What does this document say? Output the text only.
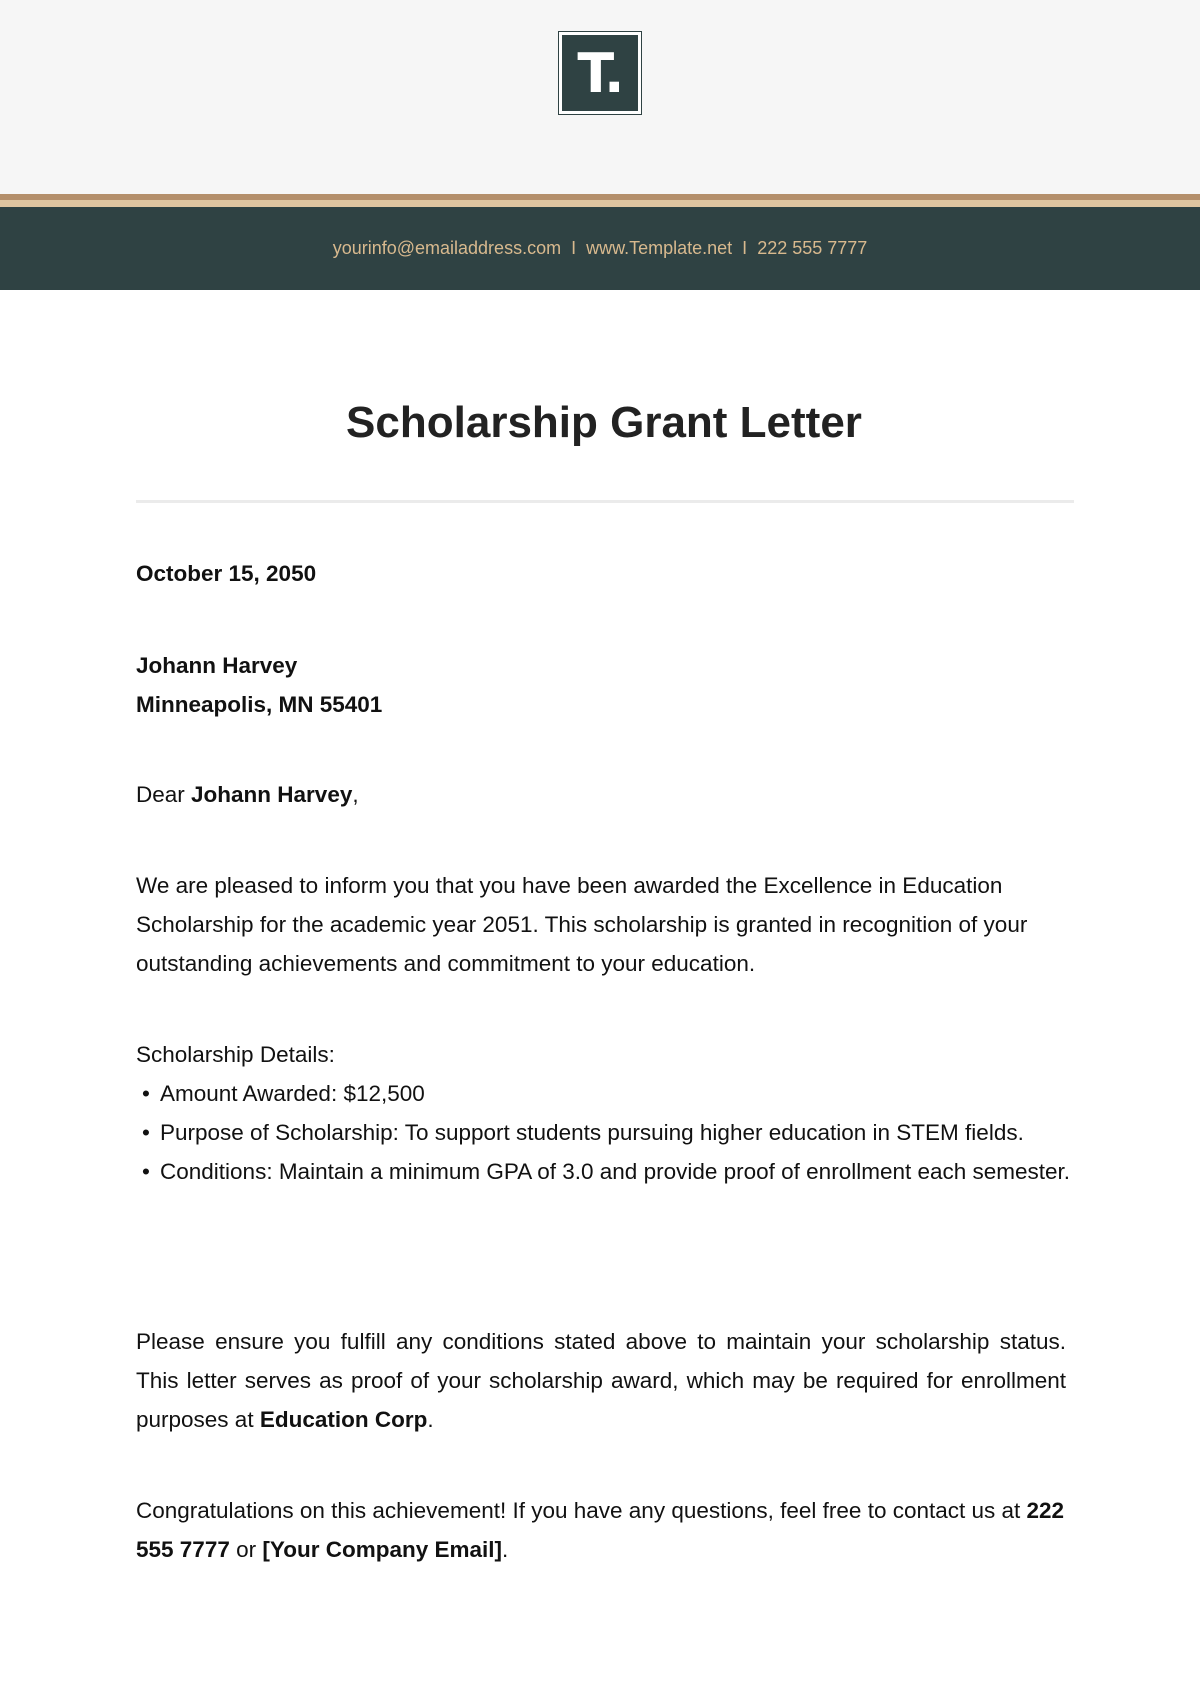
T.
yourinfo@emailaddress.com I www.Template.net I 222 555 7777
Scholarship Grant Letter
October 15, 2050
Johann Harvey
Minneapolis, MN 55401
Dear Johann Harvey,
We are pleased to inform you that you have been awarded the Excellence in Education Scholarship for the academic year 2051. This scholarship is granted in recognition of your outstanding achievements and commitment to your education.
Scholarship Details:
• Amount Awarded: $12,500
• Purpose of Scholarship: To support students pursuing higher education in STEM fields.
• Conditions: Maintain a minimum GPA of 3.0 and provide proof of enrollment each semester.
Please ensure you fulfill any conditions stated above to maintain your scholarship status. This letter serves as proof of your scholarship award, which may be required for enrollment purposes at Education Corp.
Congratulations on this achievement! If you have any questions, feel free to contact us at 222 555 7777 or [Your Company Email].
